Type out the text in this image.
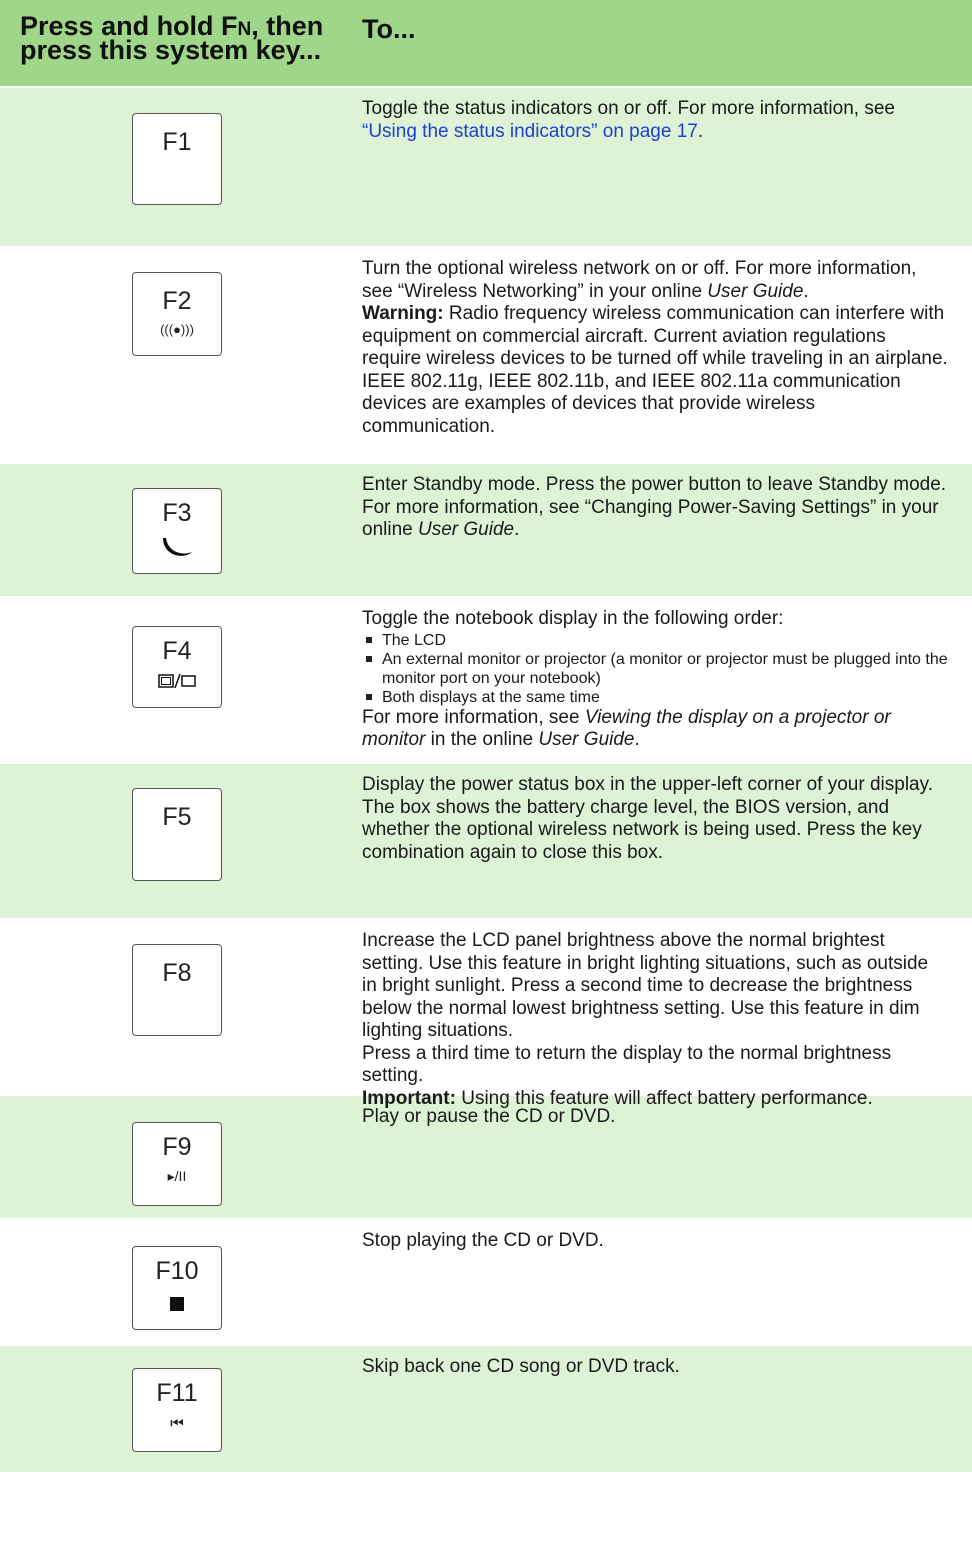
Press and hold Fn, then
press this system key...
To...
F1

Toggle the status indicators on or off. For more information, see “Using the status indicators” on page 17.

F2
(((●)))

Turn the optional wireless network on or off. For more information, see “Wireless Networking” in your online User Guide.

Warning: Radio frequency wireless communication can interfere with equipment on commercial aircraft. Current aviation regulations require wireless devices to be turned off while traveling in an airplane.

IEEE 802.11g, IEEE 802.11b, and IEEE 802.11a communication devices are examples of devices that provide wireless communication.

F3

Enter Standby mode. Press the power button to leave Standby mode. For more information, see “Changing Power-Saving Settings” in your online User Guide.

F4

Toggle the notebook display in the following order:

The LCD
An external monitor or projector (a monitor or projector must be plugged into the monitor port on your notebook)
Both displays at the same time

For more information, see Viewing the display on a projector or monitor in the online User Guide.

F5

Display the power status box in the upper-left corner of your display. The box shows the battery charge level, the BIOS version, and whether the optional wireless network is being used. Press the key combination again to close this box.

F8

Increase the LCD panel brightness above the normal brightest setting. Use this feature in bright lighting situations, such as outside in bright sunlight. Press a second time to decrease the brightness below the normal lowest brightness setting. Use this feature in dim lighting situations.

Press a third time to return the display to the normal brightness setting.

Important: Using this feature will affect battery performance.

F9
▸/II

Play or pause the CD or DVD.

F10

Stop playing the CD or DVD.

F11
⏮

Skip back one CD song or DVD track.
